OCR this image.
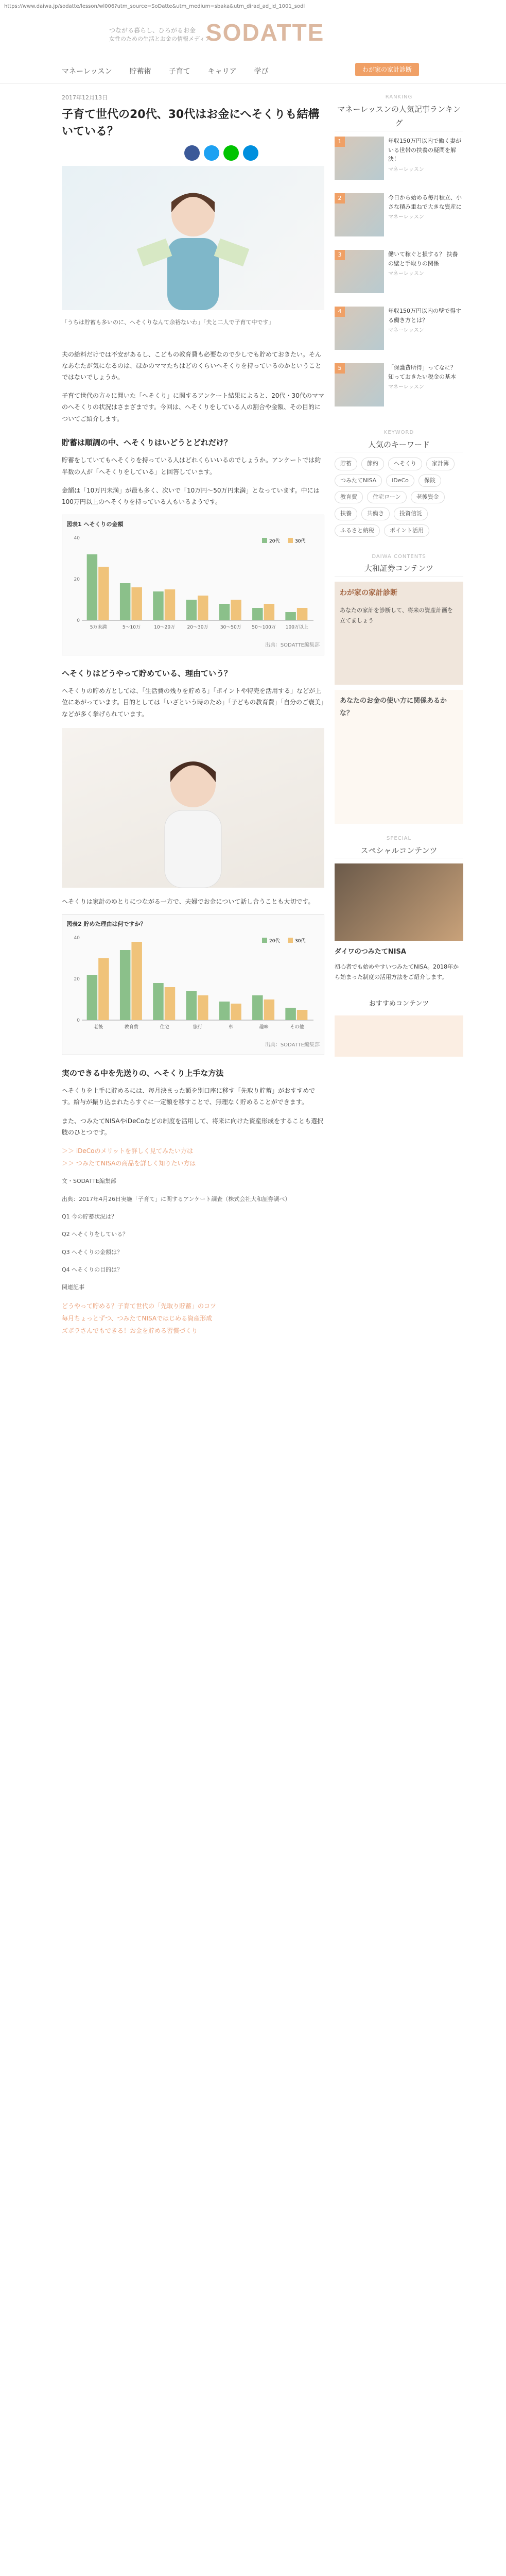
https://www.daiwa.jp/sodatte/lesson/wl006?utm_source=SoDatte&utm_medium=sbaka&utm_dirad_ad_id_1001_sodl
つながる暮らし、ひろがるお金
女性のための生活とお金の情報メディア
SODATTE
マネーレッスン 貯蓄術 子育て キャリア 学び	わが家の家計診断
2017年12月13日
子育て世代の20代、30代はお金にへそくりも結構いている？

「うちは貯蓄も多いのに、へそくりなんて余裕ないわ」「夫と二人で子育て中です」

夫の給料だけでは不安があるし、こどもの教育費も必要なので少しでも貯めておきたい。そんなあなたが気になるのは、ほかのママたちはどのくらいへそくりを持っているのかということではないでしょうか。

子育て世代の方々に聞いた「へそくり」に関するアンケート結果によると、20代・30代のママのへそくりの状況はさまざまです。今回は、へそくりをしている人の割合や金額、その目的についてご紹介します。

貯蓄は順調の中、へそくりはいどうとどれだけ？

貯蓄をしていてもへそくりを持っている人はどれくらいいるのでしょうか。アンケートでは約半数の人が「へそくりをしている」と回答しています。

金額は「10万円未満」が最も多く、次いで「10万円〜50万円未満」となっています。中には100万円以上のへそくりを持っている人もいるようです。

図表1 へそくりの金額
5万未満	5〜10万	10〜20万	20〜30万	30〜50万 50〜100万 100万以上
0
20
40
20代	30代
出典：SODATTE編集部
へそくりはどうやって貯めている、理由ていう？

へそくりの貯め方としては、「生活費の残りを貯める」「ポイントや特売を活用する」などが上位にあがっています。目的としては「いざという時のため」「子どもの教育費」「自分のご褒美」などが多く挙げられています。

へそくりは家計のゆとりにつながる一方で、夫婦でお金について話し合うことも大切です。

図表2 貯めた理由は何ですか？
老後	教育費	住宅	旅行	車	趣味	その他
0
20
40
20代	30代
出典：SODATTE編集部
実のできる中を先送りの、へそくり上手な方法

へそくりを上手に貯めるには、毎月決まった額を別口座に移す「先取り貯蓄」がおすすめです。給与が振り込まれたらすぐに一定額を移すことで、無理なく貯めることができます。

また、つみたてNISAやiDeCoなどの制度を活用して、将来に向けた資産形成をすることも選択肢のひとつです。

＞＞ iDeCoのメリットを詳しく見てみたい方は
＞＞ つみたてNISAの商品を詳しく知りたい方は

文・SODATTE編集部

出典：2017年4月26日実施「子育て」に関するアンケート調査（株式会社大和証券調べ）

Q1 今の貯蓄状況は？

Q2 へそくりをしている？

Q3 へそくりの金額は？

Q4 へそくりの目的は？

関連記事

どうやって貯める？子育て世代の「先取り貯蓄」のコツ
毎月ちょっとずつ、つみたてNISAではじめる資産形成
ズボラさんでもできる！お金を貯める習慣づくり
RANKING
マネーレッスンの人気記事ランキング
1	年収150万円以内で働く妻がいる世帯の扶養の疑問を解決！
マネーレッスン
2	今日から始める毎月積立、小さな積み重ねで大きな資産に
マネーレッスン
3	働いて稼ぐと損する？ 扶養の壁と手取りの関係
マネーレッスン
4	年収150万円以内の壁で得する働き方とは？
マネーレッスン
5	「保護費所得」ってなに？ 知っておきたい税金の基本
マネーレッスン
KEYWORD
人気のキーワード
貯蓄	節約	へそくり	家計簿
つみたてNISA	iDeCo	保険
教育費	住宅ローン	老後資金
扶養	共働き	投資信託
ふるさと納税	ポイント活用
DAIWA CONTENTS
大和証券コンテンツ
わが家の家計診断
あなたの家計を診断して、将来の資産計画を立てましょう
あなたのお金の使い方に関係あるかな？
SPECIAL
スペシャルコンテンツ
ダイワのつみたてNISA
初心者でも始めやすいつみたてNISA。2018年から始まった制度の活用方法をご紹介します。
おすすめコンテンツ
